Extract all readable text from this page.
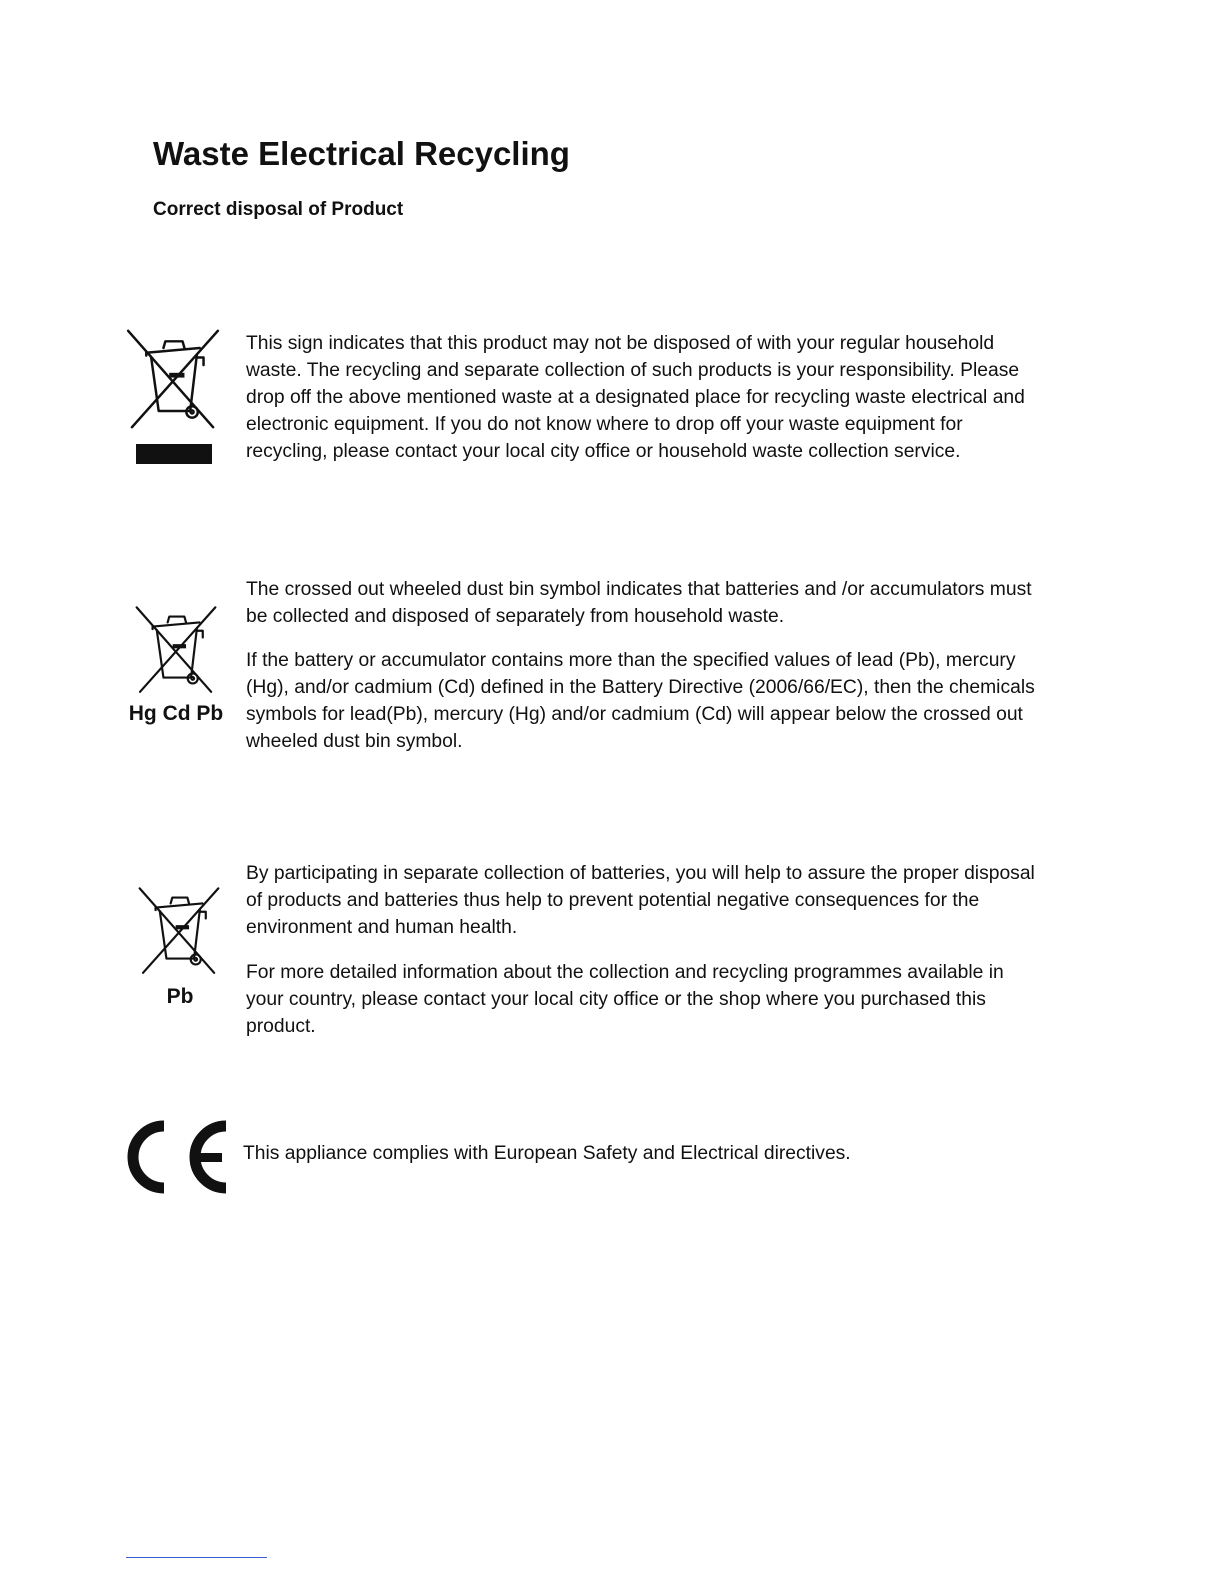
Waste Electrical Recycling
Correct disposal of Product

This sign indicates that this product may not be disposed of with your regular household

waste. The recycling and separate collection of such products is your responsibility. Please

drop off the above mentioned waste at a designated place for recycling waste electrical and

electronic equipment. If you do not know where to drop off your waste equipment for

recycling, please contact your local city office or household waste collection service.

Hg Cd Pb

The crossed out wheeled dust bin symbol indicates that batteries and /or accumulators must

be collected and disposed of separately from household waste.

If the battery or accumulator contains more than the specified values of lead (Pb), mercury

(Hg), and/or cadmium (Cd) defined in the Battery Directive (2006/66/EC), then the chemicals

symbols for lead(Pb), mercury (Hg) and/or cadmium (Cd) will appear below the crossed out

wheeled dust bin symbol.

Pb

By participating in separate collection of batteries, you will help to assure the proper disposal

of products and batteries thus help to prevent potential negative consequences for the

environment and human health.

For more detailed information about the collection and recycling programmes available in

your country, please contact your local city office or the shop where you purchased this

product.

This appliance complies with European Safety and Electrical directives.
